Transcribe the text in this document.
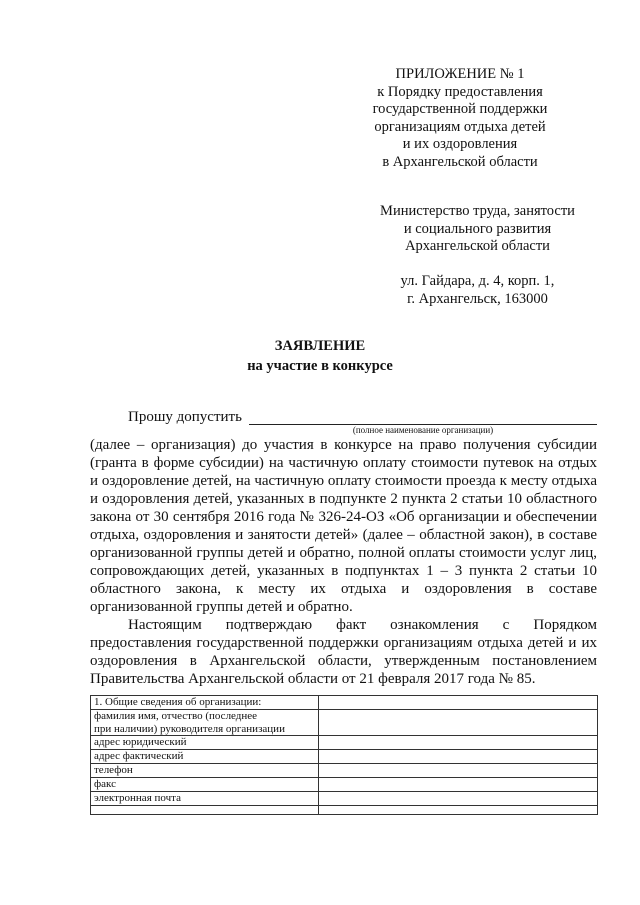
ПРИЛОЖЕНИЕ № 1
к Порядку предоставления
государственной поддержки
организациям отдыха детей
и их оздоровления
в Архангельской области
Министерство труда, занятости
и социального развития
Архангельской области
ул. Гайдара, д. 4, корп. 1,
г. Архангельск, 163000
ЗАЯВЛЕНИЕ
на участие в конкурсе
Прошу допустить
(полное наименование организации)

(далее – организация) до участия в конкурсе на право получения субсидии (гранта в форме субсидии) на частичную оплату стоимости путевок на отдых и оздоровление детей, на частичную оплату стоимости проезда к месту отдыха и оздоровления детей, указанных в подпункте 2 пункта 2 статьи 10 областного закона от 30 сентября 2016 года № 326-24-ОЗ «Об организации и обеспечении отдыха, оздоровления и занятости детей» (далее – областной закон), в составе организованной группы детей и обратно, полной оплаты стоимости услуг лиц, сопровождающих детей, указанных в подпунктах 1 – 3 пункта 2 статьи 10 областного закона, к месту их отдыха и оздоровления в составе организованной группы детей и обратно.

Настоящим подтверждаю факт ознакомления с Порядком предоставления государственной поддержки организациям отдыха детей и их оздоровления в Архангельской области, утвержденным постановлением Правительства Архангельской области от 21 февраля 2017 года № 85.

1. Общие сведения об организации:	

фамилия имя, отчество (последнее
при наличии) руководителя организации	

адрес юридический	
адрес фактический	
телефон	
факс	
электронная почта	
